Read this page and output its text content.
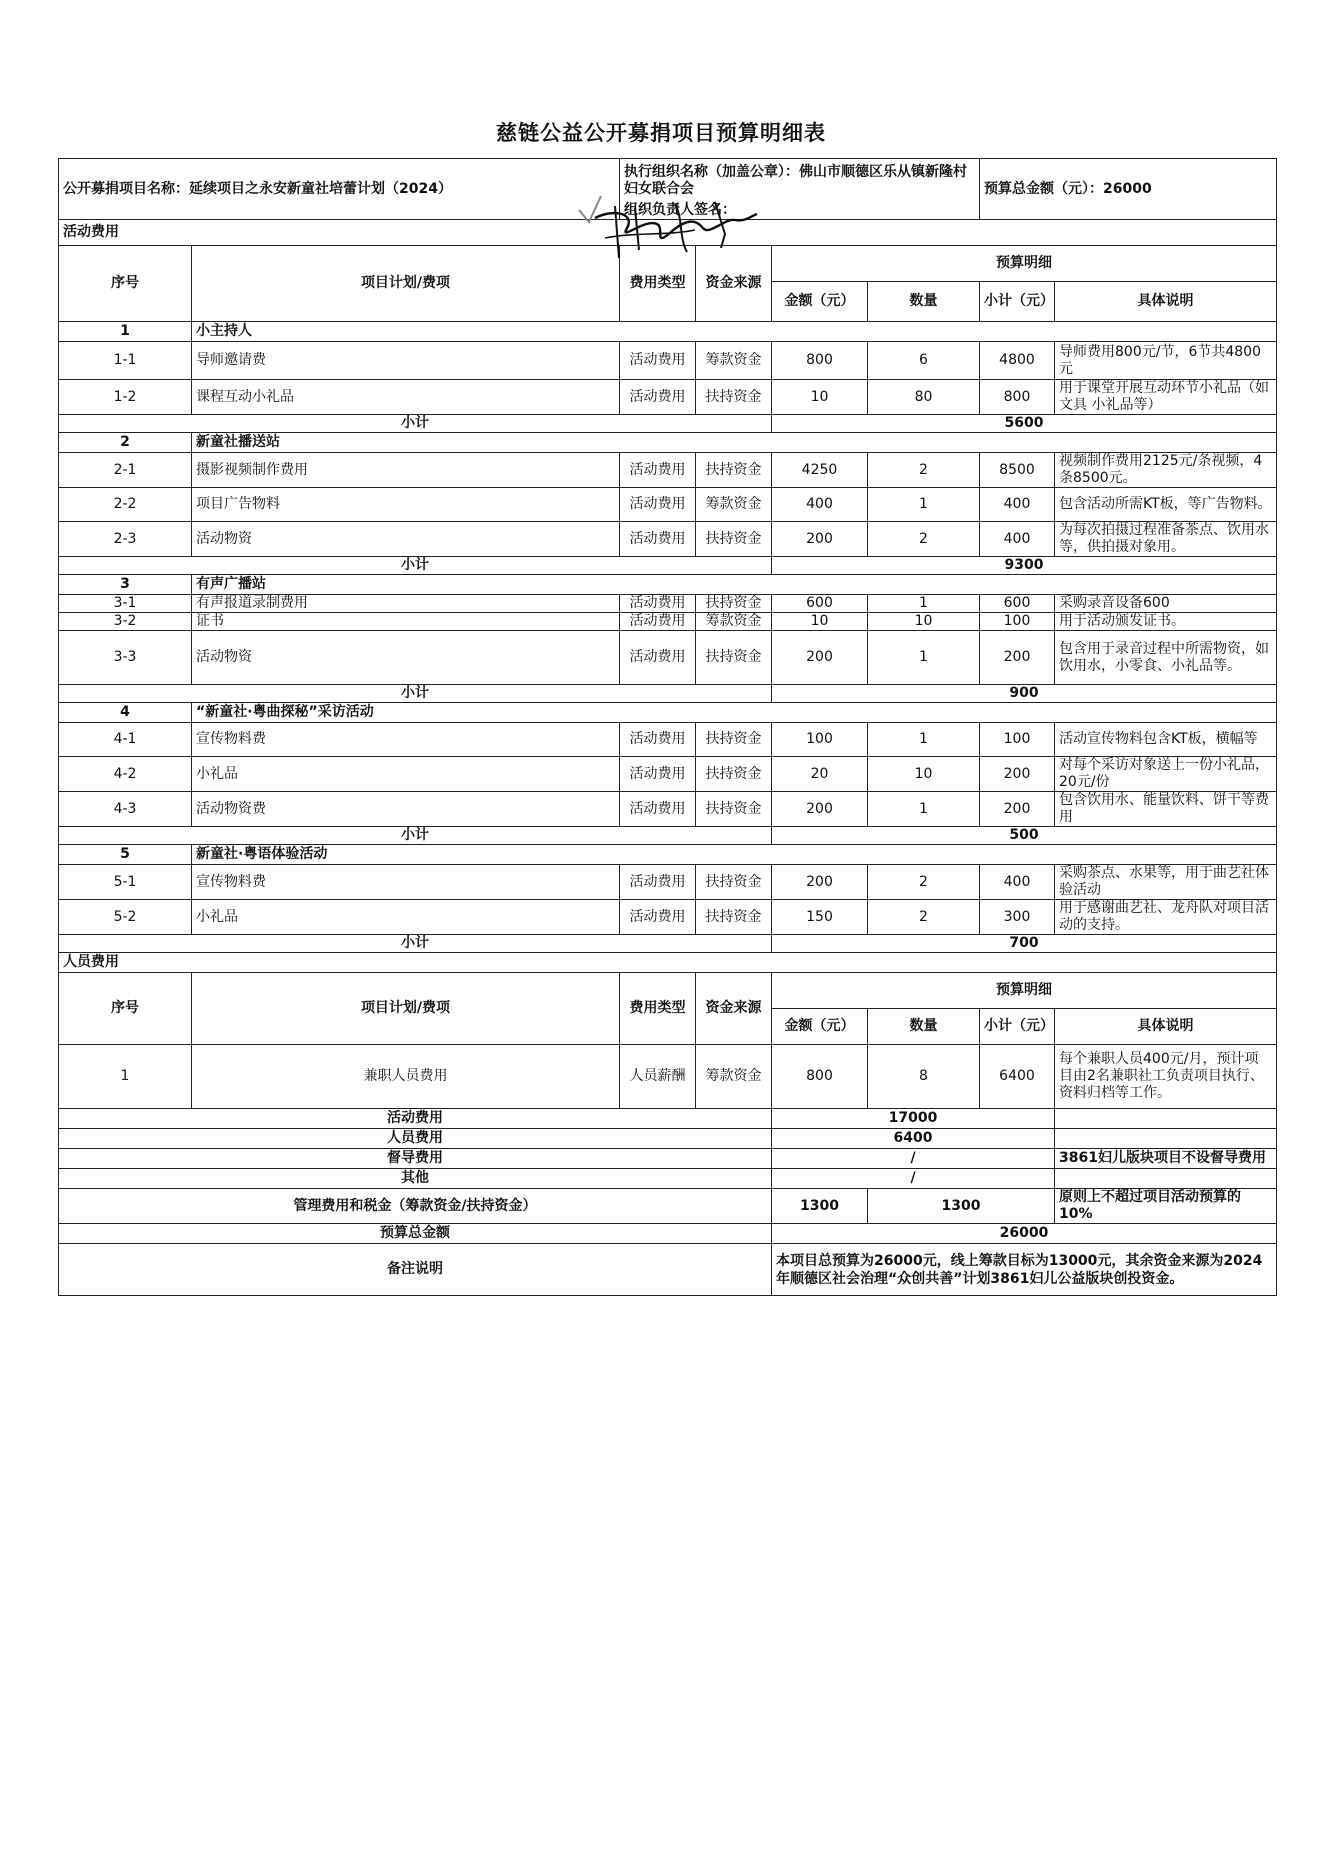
慈链公益公开募捐项目预算明细表
公开募捐项目名称：延续项目之永安新童社培蕾计划（2024）		执行组织名称（加盖公章）：佛山市顺德区乐从镇新隆村妇女联合会
组织负责人签名：				预算总金额（元）：26000	
活动费用							
序号	项目计划/费项	费用类型	资金来源	预算明细			
				金额（元）	数量	小计（元）	具体说明
1	小主持人						
1-1	导师邀请费	活动费用	筹款资金	800	6	4800	导师费用800元/节，6节共4800元
1-2	课程互动小礼品	活动费用	扶持资金	10	80	800	用于课堂开展互动环节小礼品（如文具 小礼品等）
小计				5600			
2	新童社播送站						
2-1	摄影视频制作费用	活动费用	扶持资金	4250	2	8500	视频制作费用2125元/条视频，4条8500元。
2-2	项目广告物料	活动费用	筹款资金	400	1	400	包含活动所需KT板，等广告物料。
2-3	活动物资	活动费用	扶持资金	200	2	400	为每次拍摄过程准备茶点、饮用水等，供拍摄对象用。
小计				9300			
3	有声广播站						
3-1	有声报道录制费用	活动费用	扶持资金	600	1	600	采购录音设备600
3-2	证书	活动费用	筹款资金	10	10	100	用于活动颁发证书。
3-3	活动物资	活动费用	扶持资金	200	1	200	包含用于录音过程中所需物资，如饮用水，小零食、小礼品等。
小计				900			
4	“新童社·粤曲探秘”采访活动						
4-1	宣传物料费	活动费用	扶持资金	100	1	100	活动宣传物料包含KT板，横幅等
4-2	小礼品	活动费用	扶持资金	20	10	200	对每个采访对象送上一份小礼品，20元/份
4-3	活动物资费	活动费用	扶持资金	200	1	200	包含饮用水、能量饮料、饼干等费用
小计				500			
5	新童社·粤语体验活动						
5-1	宣传物料费	活动费用	扶持资金	200	2	400	采购茶点、水果等，用于曲艺社体验活动
5-2	小礼品	活动费用	扶持资金	150	2	300	用于感谢曲艺社、龙舟队对项目活动的支持。
小计				700			
人员费用							
序号	项目计划/费项	费用类型	资金来源	预算明细			
				金额（元）	数量	小计（元）	具体说明
1	兼职人员费用	人员薪酬	筹款资金	800	8	6400	每个兼职人员400元/月，预计项目由2名兼职社工负责项目执行、资料归档等工作。
活动费用				17000			
人员费用				6400			
督导费用				/			3861妇儿版块项目不设督导费用
其他				/			
管理费用和税金（筹款资金/扶持资金）				1300	1300		原则上不超过项目活动预算的10%
预算总金额				26000			
备注说明				本项目总预算为26000元，线上筹款目标为13000元，其余资金来源为2024年顺德区社会治理“众创共善”计划3861妇儿公益版块创投资金。			
